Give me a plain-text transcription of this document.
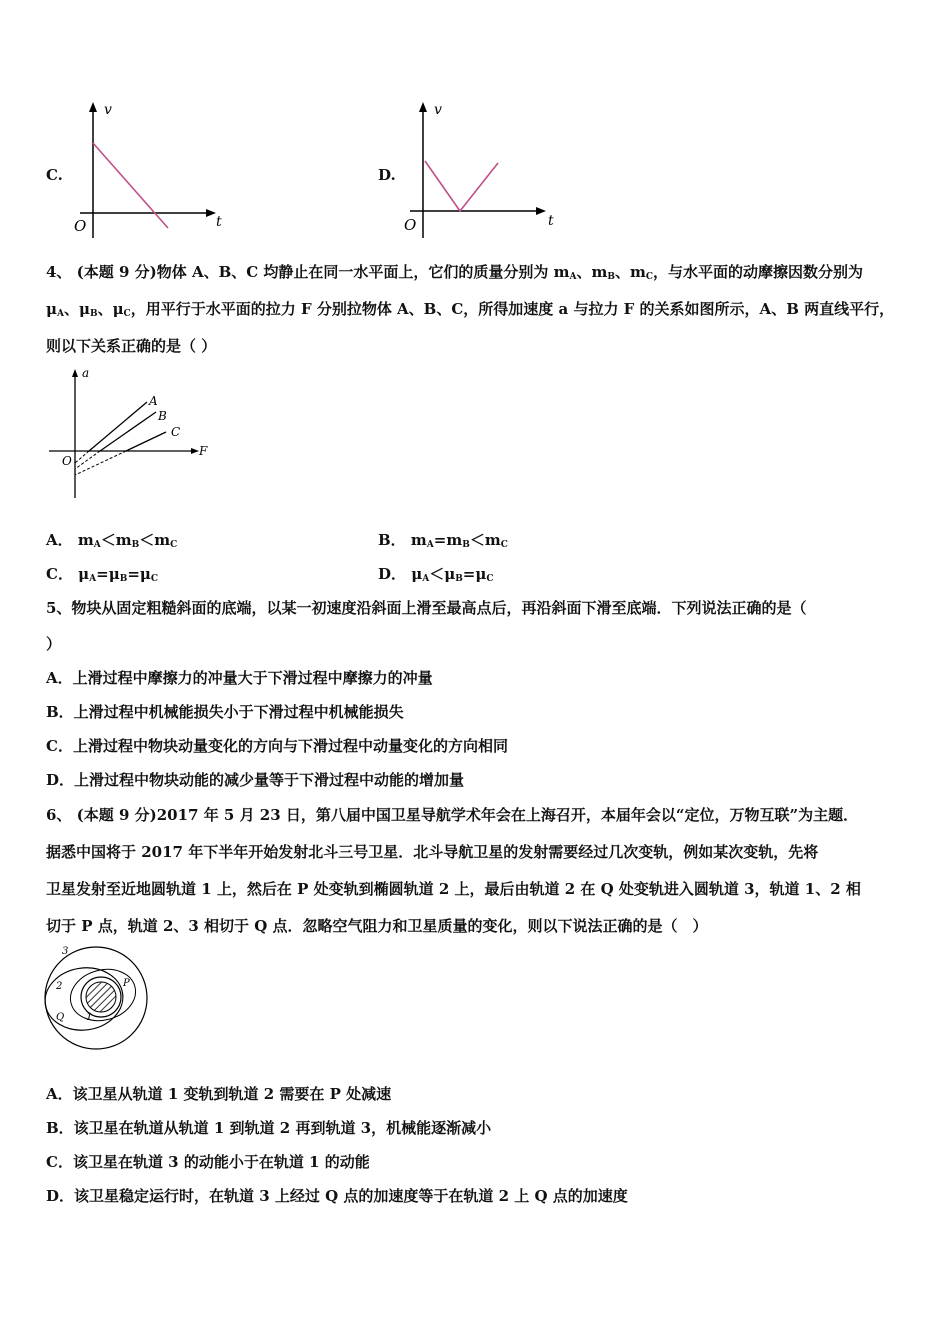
C.
v
t
O
D.
v
t
O
4、 (本题 9 分)物体 A、B、C 均静止在同一水平面上，它们的质量分别为 $m_A$、$m_B$、$m_C$，与水平面的动摩擦因数分别为
$\mu_A$、$\mu_B$、$\mu_C$，用平行于水平面的拉力 F 分别拉物体 A、B、C，所得加速度 a 与拉力 F 的关系如图所示，A、B 两直线平行，
则以下关系正确的是（ ）
a
F
O
A
B
C
A． $m_A<m_B<m_C$	B． $m_A=m_B<m_C$
C． $\mu_A=\mu_B=\mu_C$	D． $\mu_A<\mu_B=\mu_C$
5、物块从固定粗糙斜面的底端，以某一初速度沿斜面上滑至最高点后，再沿斜面下滑至底端．下列说法正确的是（
）
A．上滑过程中摩擦力的冲量大于下滑过程中摩擦力的冲量
B．上滑过程中机械能损失小于下滑过程中机械能损失
C．上滑过程中物块动量变化的方向与下滑过程中动量变化的方向相同
D．上滑过程中物块动能的减少量等于下滑过程中动能的增加量
6、 (本题 9 分)2017 年 5 月 23 日，第八届中国卫星导航学术年会在上海召开，本届年会以“定位，万物互联”为主题．
据悉中国将于 2017 年下半年开始发射北斗三号卫星．北斗导航卫星的发射需要经过几次变轨，例如某次变轨，先将
卫星发射至近地圆轨道 1 上，然后在 P 处变轨到椭圆轨道 2 上，最后由轨道 2 在 Q 处变轨进入圆轨道 3，轨道 1、2 相
切于 P 点，轨道 2、3 相切于 Q 点．忽略空气阻力和卫星质量的变化，则以下说法正确的是（　）
3
2
1
P
Q
A．该卫星从轨道 1 变轨到轨道 2 需要在 P 处减速
B．该卫星在轨道从轨道 1 到轨道 2 再到轨道 3，机械能逐渐减小
C．该卫星在轨道 3 的动能小于在轨道 1 的动能
D．该卫星稳定运行时，在轨道 3 上经过 Q 点的加速度等于在轨道 2 上 Q 点的加速度
